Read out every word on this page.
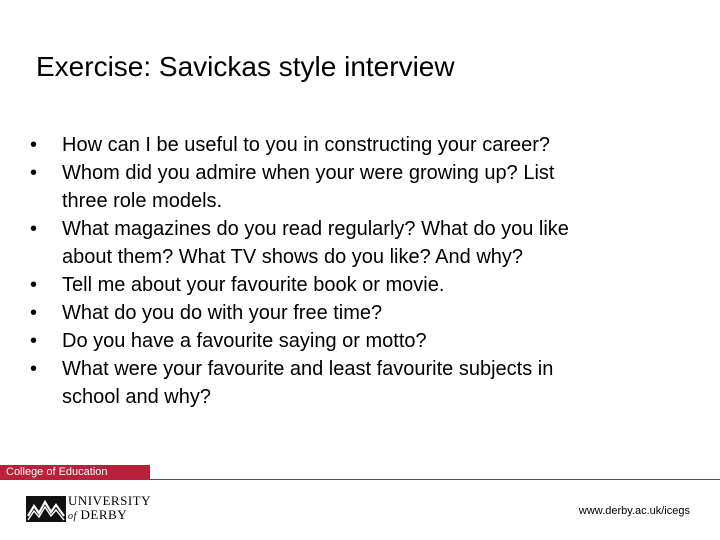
Exercise: Savickas style interview
• How can I be useful to you in constructing your career?
• Whom did you admire when your were growing up? List
three role models.
• What magazines do you read regularly? What do you like
about them? What TV shows do you like? And why?
• Tell me about your favourite book or movie.
• What do you do with your free time?
• Do you have a favourite saying or motto?
• What were your favourite and least favourite subjects in
school and why?
College of Education
UNIVERSITY
of DERBY	www.derby.ac.uk/icegs
